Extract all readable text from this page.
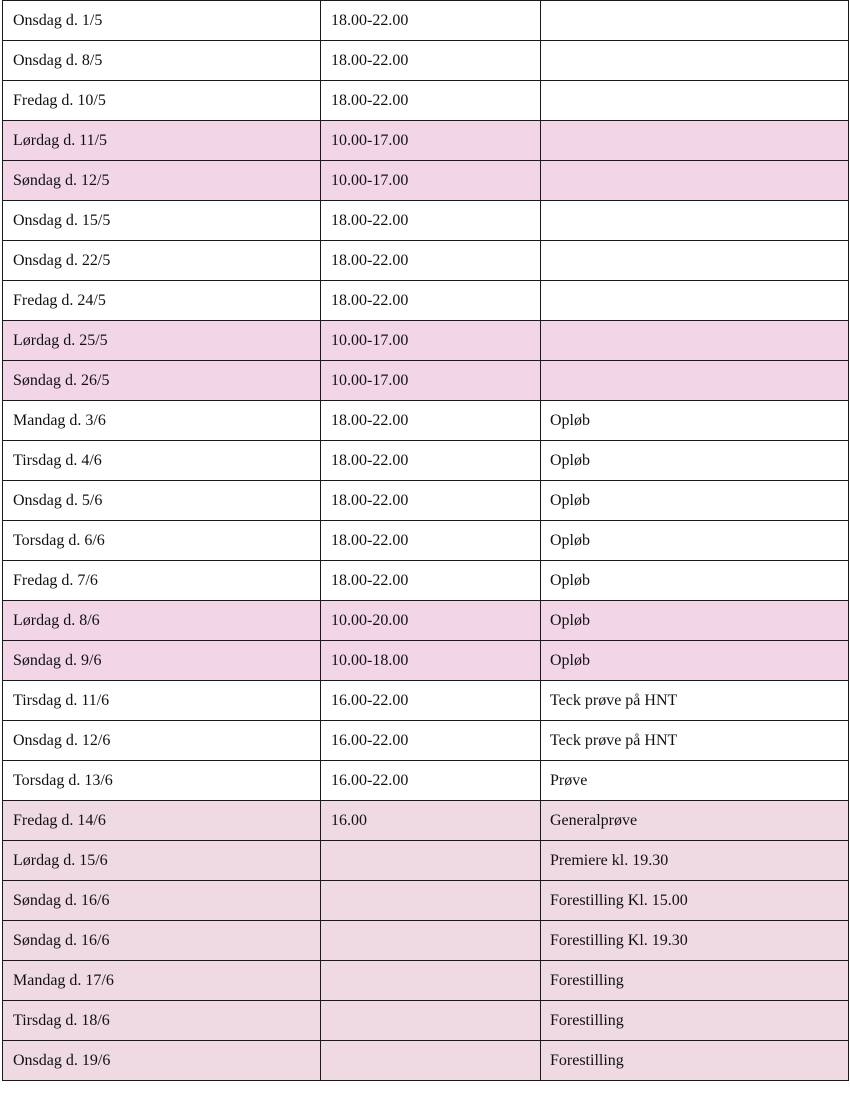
Onsdag d. 1/5	18.00-22.00	
Onsdag d. 8/5	18.00-22.00	
Fredag d. 10/5	18.00-22.00	
Lørdag d. 11/5	10.00-17.00	
Søndag d. 12/5	10.00-17.00	
Onsdag d. 15/5	18.00-22.00	
Onsdag d. 22/5	18.00-22.00	
Fredag d. 24/5	18.00-22.00	
Lørdag d. 25/5	10.00-17.00	
Søndag d. 26/5	10.00-17.00	
Mandag d. 3/6	18.00-22.00	Opløb
Tirsdag d. 4/6	18.00-22.00	Opløb
Onsdag d. 5/6	18.00-22.00	Opløb
Torsdag d. 6/6	18.00-22.00	Opløb
Fredag d. 7/6	18.00-22.00	Opløb
Lørdag d. 8/6	10.00-20.00	Opløb
Søndag d. 9/6	10.00-18.00	Opløb
Tirsdag d. 11/6	16.00-22.00	Teck prøve på HNT
Onsdag d. 12/6	16.00-22.00	Teck prøve på HNT
Torsdag d. 13/6	16.00-22.00	Prøve
Fredag d. 14/6	16.00	Generalprøve
Lørdag d. 15/6		Premiere kl. 19.30
Søndag d. 16/6		Forestilling Kl. 15.00
Søndag d. 16/6		Forestilling Kl. 19.30
Mandag d. 17/6		Forestilling
Tirsdag d. 18/6		Forestilling
Onsdag d. 19/6		Forestilling
